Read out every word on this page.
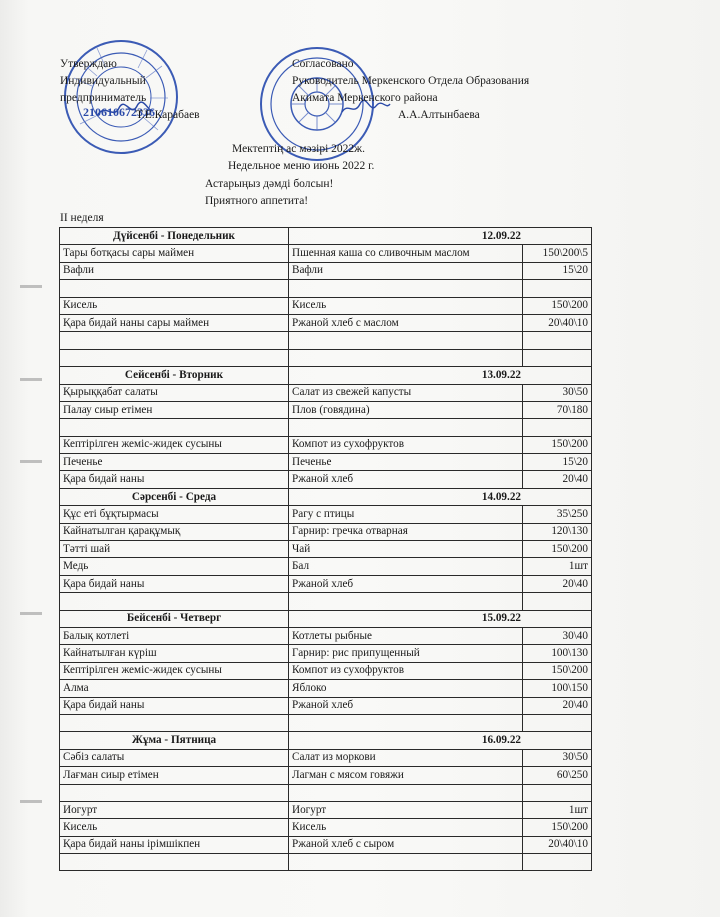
210610672336
Утверждаю
Индивидуальный
предприниматель
Т.Е.Карабаев
Согласовано
Руководитель Меркенского Отдела Образования
Акимата Меркенского района
А.А.Алтынбаева
Мектептің ас мәзірі 2022ж.
Недельное меню июнь 2022 г.
Астарыңыз дәмді болсын!
Приятного аппетита!
II неделя
Дүйсенбі - Понедельник	12.09.22	
Тары ботқасы сары маймен	Пшенная каша со сливочным маслом	150\200\5
Вафли	Вафли	15\20

Кисель	Кисель	150\200
Қара бидай наны сары маймен	Ржаной хлеб с маслом	20\40\10

Сейсенбі - Вторник	13.09.22	
Қырыққабат салаты	Салат из свежей капусты	30\50
Палау сиыр етімен	Плов (говядина)	70\180

Кептірілген жеміс-жидек сусыны	Компот из сухофруктов	150\200
Печенье	Печенье	15\20
Қара бидай наны	Ржаной хлеб	20\40
Сәрсенбі - Среда	14.09.22	
Құс еті бұқтырмасы	Рагу с птицы	35\250
Кайнатылган қарақұмық	Гарнир: гречка отварная	120\130
Тәтті шай	Чай	150\200
Медь	Бал	1шт
Қара бидай наны	Ржаной хлеб	20\40

Бейсенбі - Четверг	15.09.22	
Балық котлеті	Котлеты рыбные	30\40
Кайнатылған күріш	Гарнир: рис припущенный	100\130
Кептірілген жеміс-жидек сусыны	Компот из сухофруктов	150\200
Алма	Яблоко	100\150
Қара бидай наны	Ржаной хлеб	20\40

Жұма - Пятница	16.09.22	
Сәбіз салаты	Салат из моркови	30\50
Лағман сиыр етімен	Лагман с мясом говяжи	60\250

Иогурт	Иогурт	1шт
Кисель	Кисель	150\200
Қара бидай наны ірімшікпен	Ржаной хлеб с сыром	20\40\10
